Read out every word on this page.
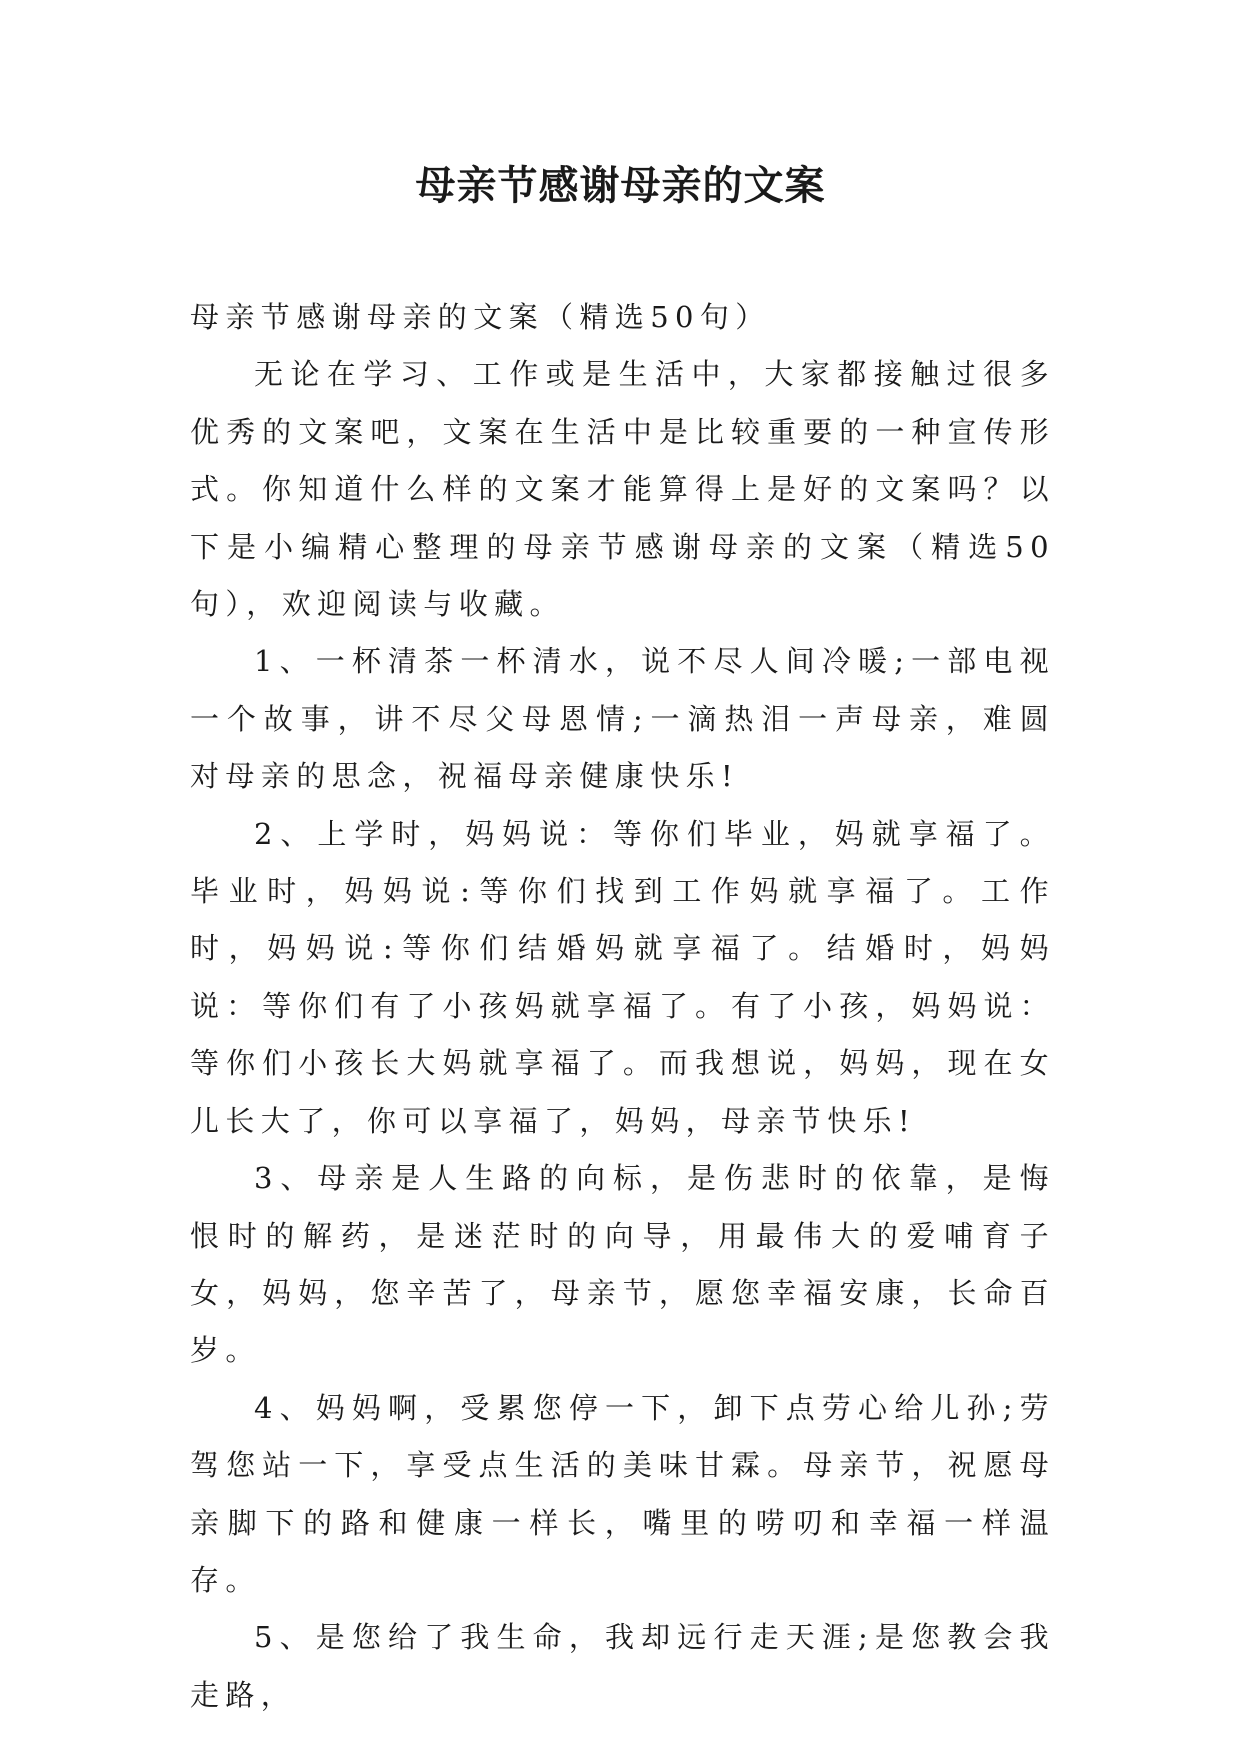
母亲节感谢母亲的文案

母亲节感谢母亲的文案（精选50句）

无论在学习、工作或是生活中，大家都接触过很多优秀的文案吧，文案在生活中是比较重要的一种宣传形式。你知道什么样的文案才能算得上是好的文案吗？以下是小编精心整理的母亲节感谢母亲的文案（精选50句），欢迎阅读与收藏。

1、一杯清茶一杯清水，说不尽人间冷暖;一部电视一个故事，讲不尽父母恩情;一滴热泪一声母亲，难圆对母亲的思念，祝福母亲健康快乐!

2、上学时，妈妈说：等你们毕业，妈就享福了。毕业时，妈妈说:等你们找到工作妈就享福了。工作时，妈妈说:等你们结婚妈就享福了。结婚时，妈妈说：等你们有了小孩妈就享福了。有了小孩，妈妈说：等你们小孩长大妈就享福了。而我想说，妈妈，现在女儿长大了，你可以享福了，妈妈，母亲节快乐!

3、母亲是人生路的向标，是伤悲时的依靠，是悔恨时的解药，是迷茫时的向导，用最伟大的爱哺育子女，妈妈，您辛苦了，母亲节，愿您幸福安康，长命百岁。

4、妈妈啊，受累您停一下，卸下点劳心给儿孙;劳驾您站一下，享受点生活的美味甘霖。母亲节，祝愿母亲脚下的路和健康一样长，嘴里的唠叨和幸福一样温存。

5、是您给了我生命，我却远行走天涯;是您教会我走路，
